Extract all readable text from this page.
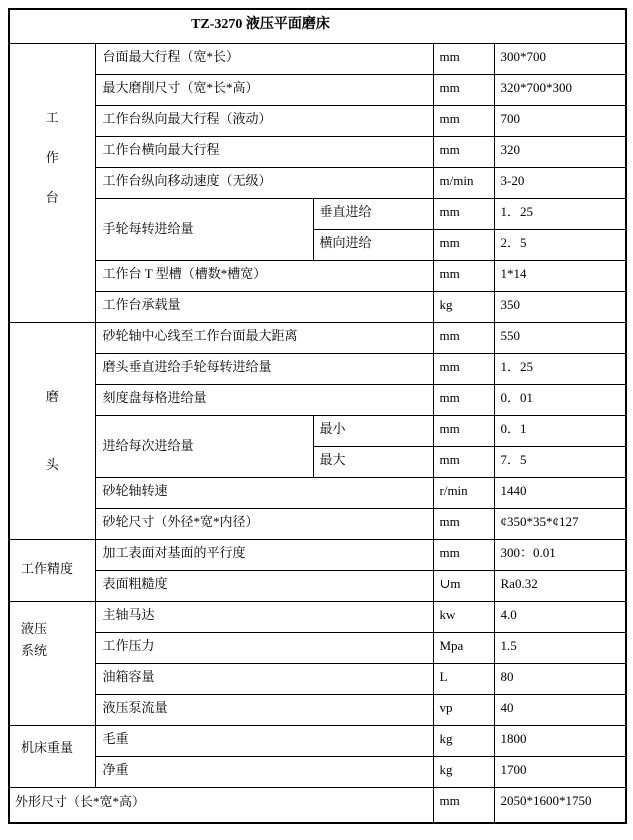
TZ-3270 液压平面磨床				

工
作
台	台面最大行程（宽*长）		mm	300*700
	最大磨削尺寸（宽*长*高）		mm	320*700*300
	工作台纵向最大行程（液动）		mm	700
	工作台横向最大行程		mm	320
	工作台纵向移动速度（无级）		m/min	3-20
	手轮每转进给量	垂直进给	mm	1．25
		横向进给	mm	2．5
	工作台 T 型槽（槽数*槽宽）		mm	1*14
	工作台承载量		kg	350

磨
头	砂轮轴中心线至工作台面最大距离		mm	550
	磨头垂直进给手轮每转进给量		mm	1．25
	刻度盘每格进给量		mm	0．01
	进给每次进给量	最小	mm	0．1
		最大	mm	7．5
	砂轮轴转速		r/min	1440
	砂轮尺寸（外径*宽*内径）		mm	¢350*35*¢127
工作精度	加工表面对基面的平行度		mm	300：0.01
	表面粗糙度		∪m	Ra0.32
液压
系统	主轴马达		kw	4.0
	工作压力		Mpa	1.5
	油箱容量		L	80
	液压泵流量		vp	40
机床重量	毛重		kg	1800
	净重		kg	1700
外形尺寸（长*宽*高）			mm	2050*1600*1750
